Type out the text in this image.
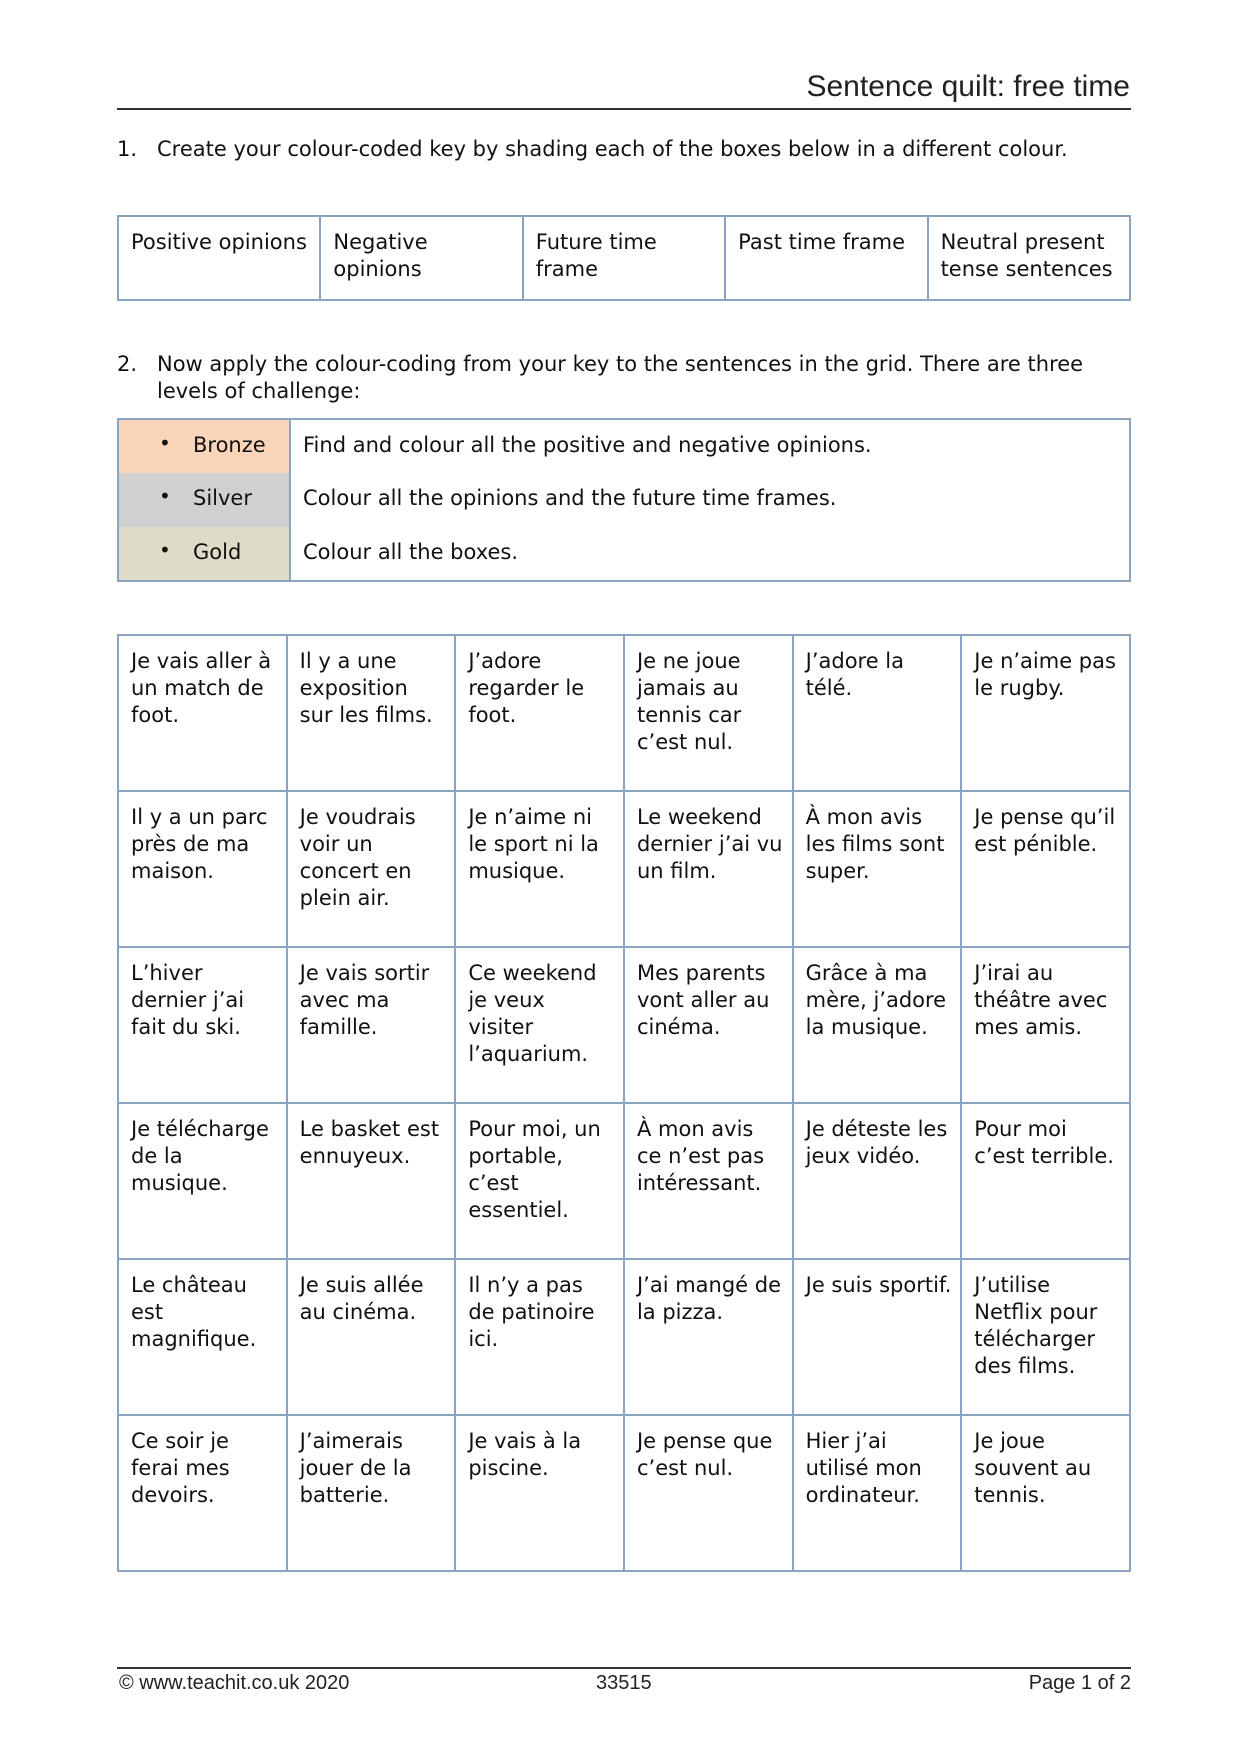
Sentence quilt: free time
1. Create your colour-coded key by shading each of the boxes below in a different colour.
Positive opinions	Negative opinions	Future time frame	Past time frame	Neutral present tense sentences
2. Now apply the colour-coding from your key to the sentences in the grid. There are three levels of challenge:
• Bronze	Find and colour all the positive and negative opinions.

• Silver	Colour all the opinions and the future time frames.

• Gold	Colour all the boxes.
Je vais aller à un match de foot.	Il y a une exposition sur les films.	J’adore regarder le foot.	Je ne joue jamais au tennis car c’est nul.	J’adore la télé.	Je n’aime pas le rugby.
Il y a un parc près de ma maison.	Je voudrais voir un concert en plein air.	Je n’aime ni le sport ni la musique.	Le weekend dernier j’ai vu un film.	À mon avis les films sont super.	Je pense qu’il est pénible.
L’hiver dernier j’ai fait du ski.	Je vais sortir avec ma famille.	Ce weekend je veux visiter l’aquarium.	Mes parents vont aller au cinéma.	Grâce à ma mère, j’adore la musique.	J’irai au théâtre avec mes amis.
Je télécharge de la musique.	Le basket est ennuyeux.	Pour moi, un portable, c’est essentiel.	À mon avis ce n’est pas intéressant.	Je déteste les jeux vidéo.	Pour moi c’est terrible.
Le château est magnifique.	Je suis allée au cinéma.	Il n’y a pas de patinoire ici.	J’ai mangé de la pizza.	Je suis sportif.	J’utilise Netflix pour télécharger des films.
Ce soir je ferai mes devoirs.	J’aimerais jouer de la batterie.	Je vais à la piscine.	Je pense que c’est nul.	Hier j’ai utilisé mon ordinateur.	Je joue souvent au tennis.
© www.teachit.co.uk 2020	33515	Page 1 of 2
